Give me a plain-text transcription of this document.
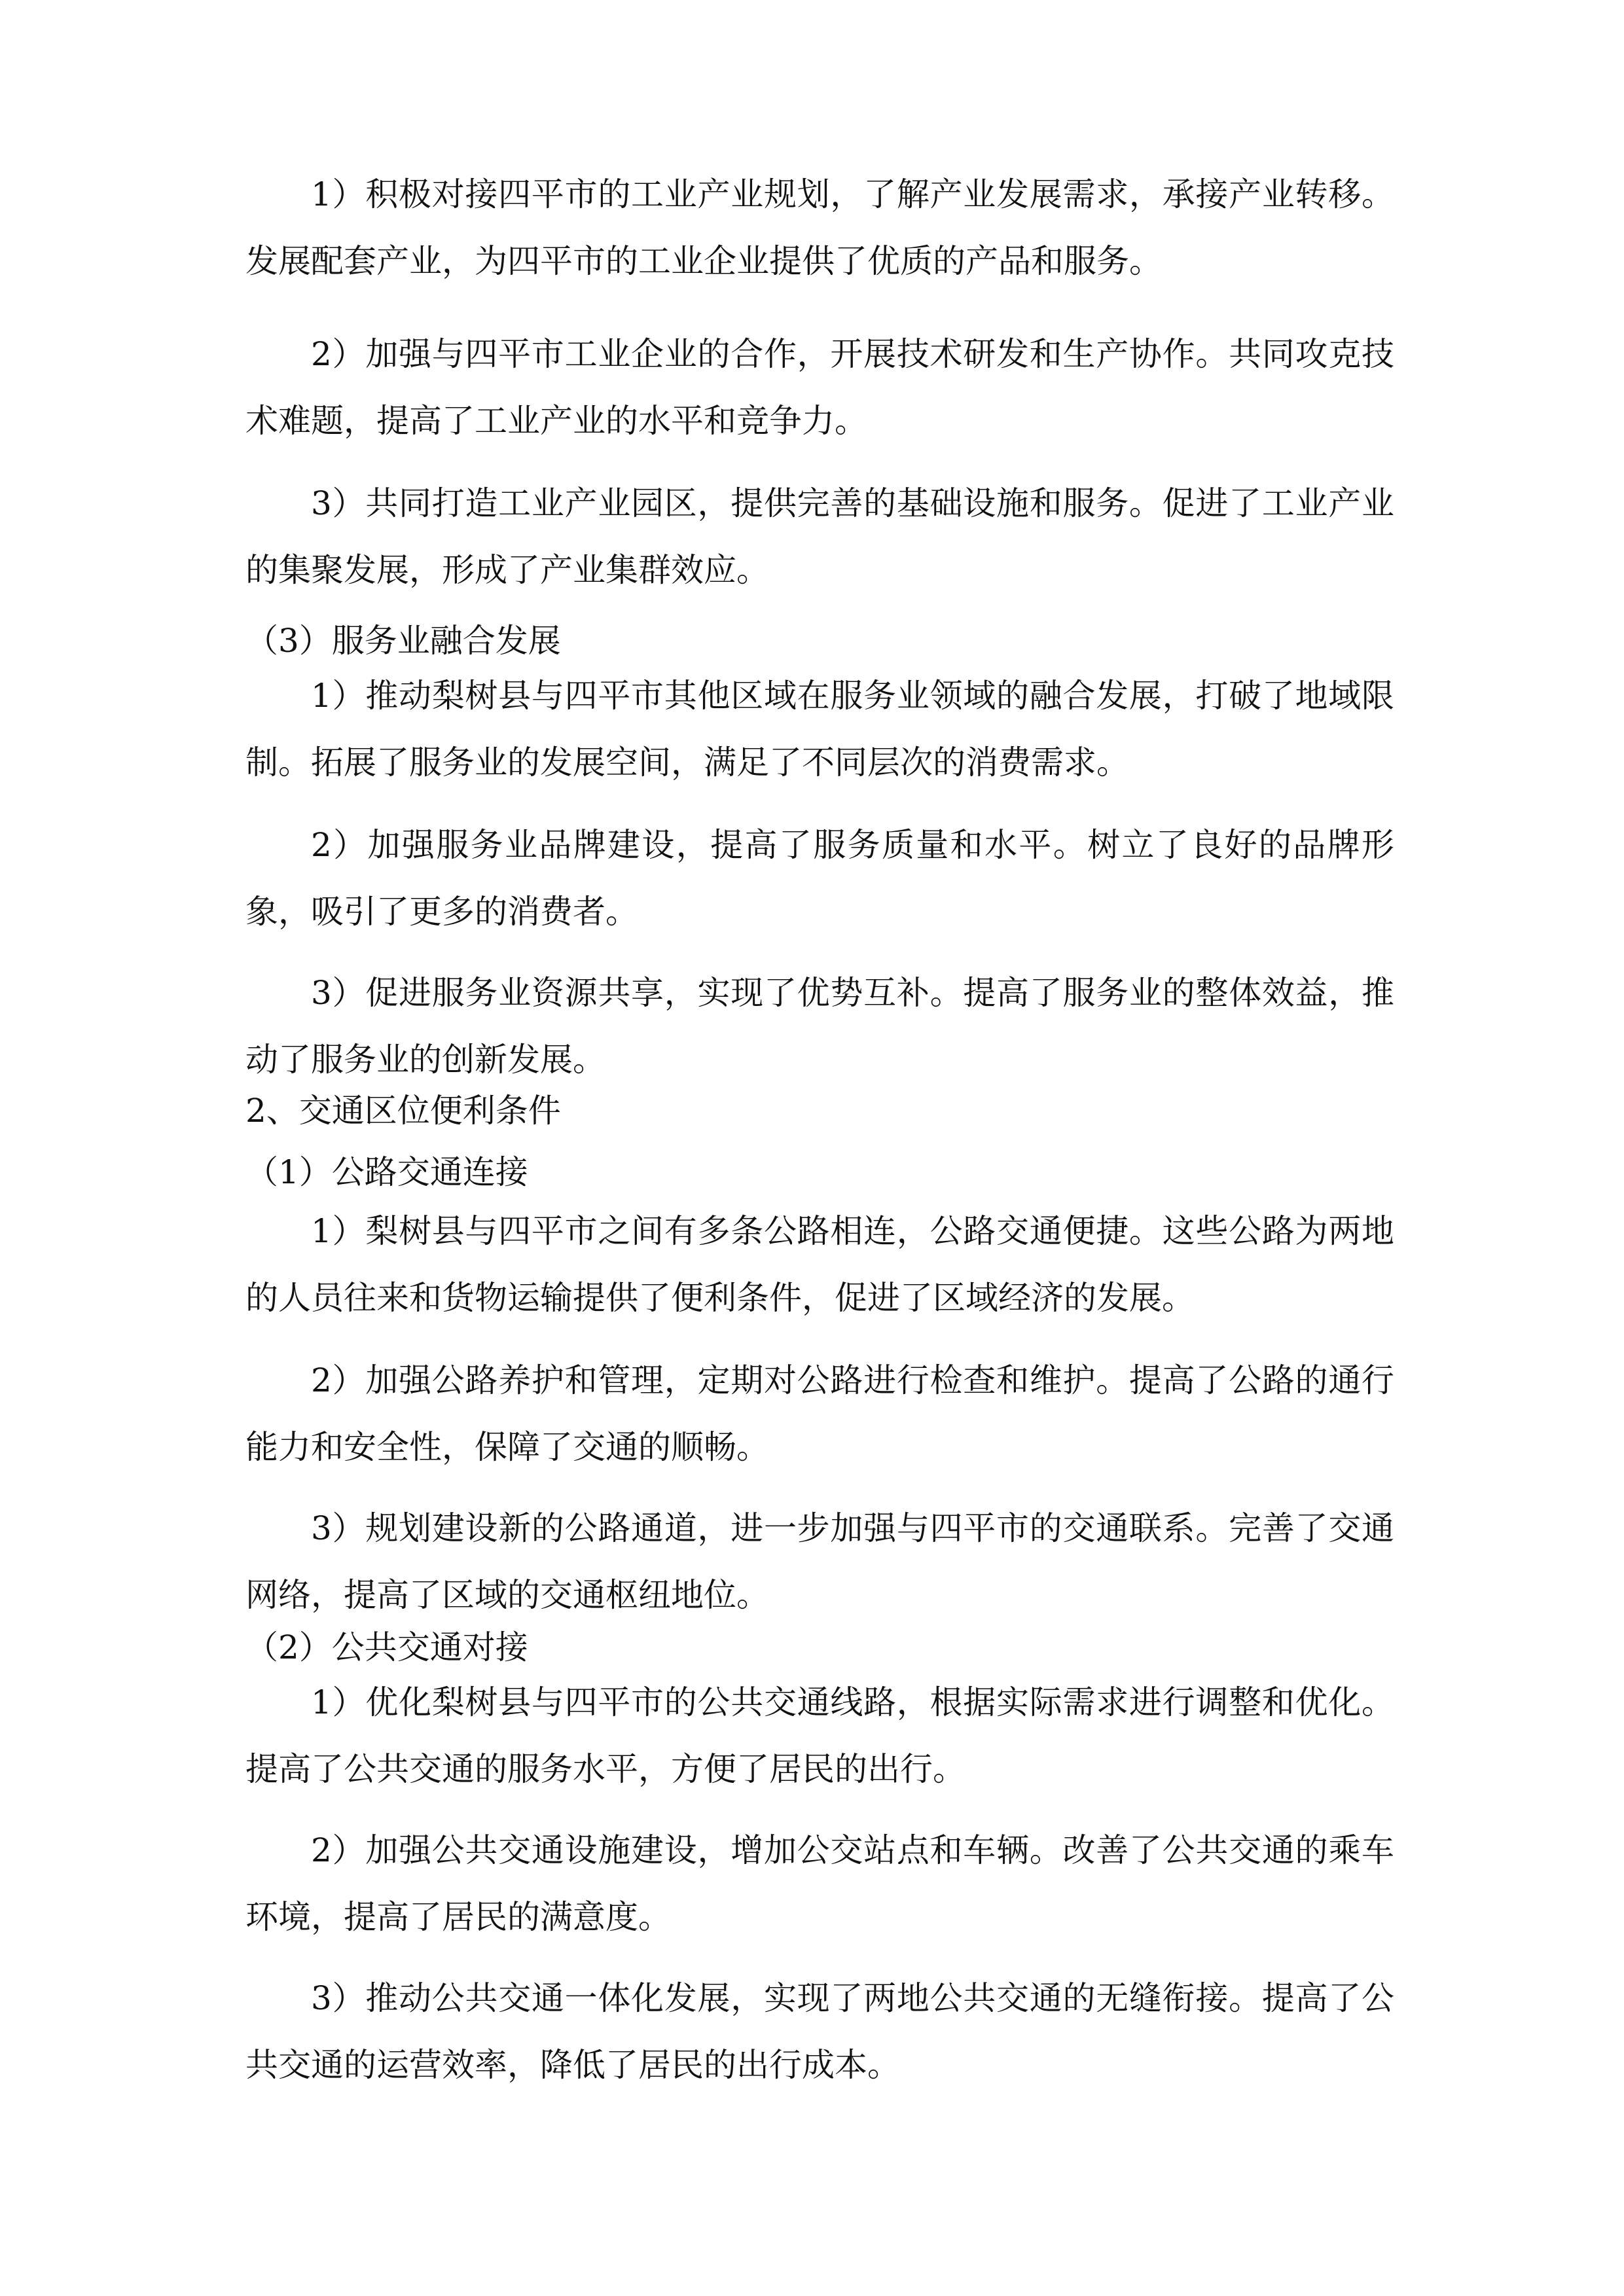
1）积极对接四平市的工业产业规划，了解产业发展需求，承接产业转移。发展配套产业，为四平市的工业企业提供了优质的产品和服务。

2）加强与四平市工业企业的合作，开展技术研发和生产协作。共同攻克技术难题，提高了工业产业的水平和竞争力。

3）共同打造工业产业园区，提供完善的基础设施和服务。促进了工业产业的集聚发展，形成了产业集群效应。

（3）服务业融合发展

1）推动梨树县与四平市其他区域在服务业领域的融合发展，打破了地域限制。拓展了服务业的发展空间，满足了不同层次的消费需求。

2）加强服务业品牌建设，提高了服务质量和水平。树立了良好的品牌形象，吸引了更多的消费者。

3）促进服务业资源共享，实现了优势互补。提高了服务业的整体效益，推动了服务业的创新发展。

2、交通区位便利条件

（1）公路交通连接

1）梨树县与四平市之间有多条公路相连，公路交通便捷。这些公路为两地的人员往来和货物运输提供了便利条件，促进了区域经济的发展。

2）加强公路养护和管理，定期对公路进行检查和维护。提高了公路的通行能力和安全性，保障了交通的顺畅。

3）规划建设新的公路通道，进一步加强与四平市的交通联系。完善了交通网络，提高了区域的交通枢纽地位。

（2）公共交通对接

1）优化梨树县与四平市的公共交通线路，根据实际需求进行调整和优化。提高了公共交通的服务水平，方便了居民的出行。

2）加强公共交通设施建设，增加公交站点和车辆。改善了公共交通的乘车环境，提高了居民的满意度。

3）推动公共交通一体化发展，实现了两地公共交通的无缝衔接。提高了公共交通的运营效率，降低了居民的出行成本。
